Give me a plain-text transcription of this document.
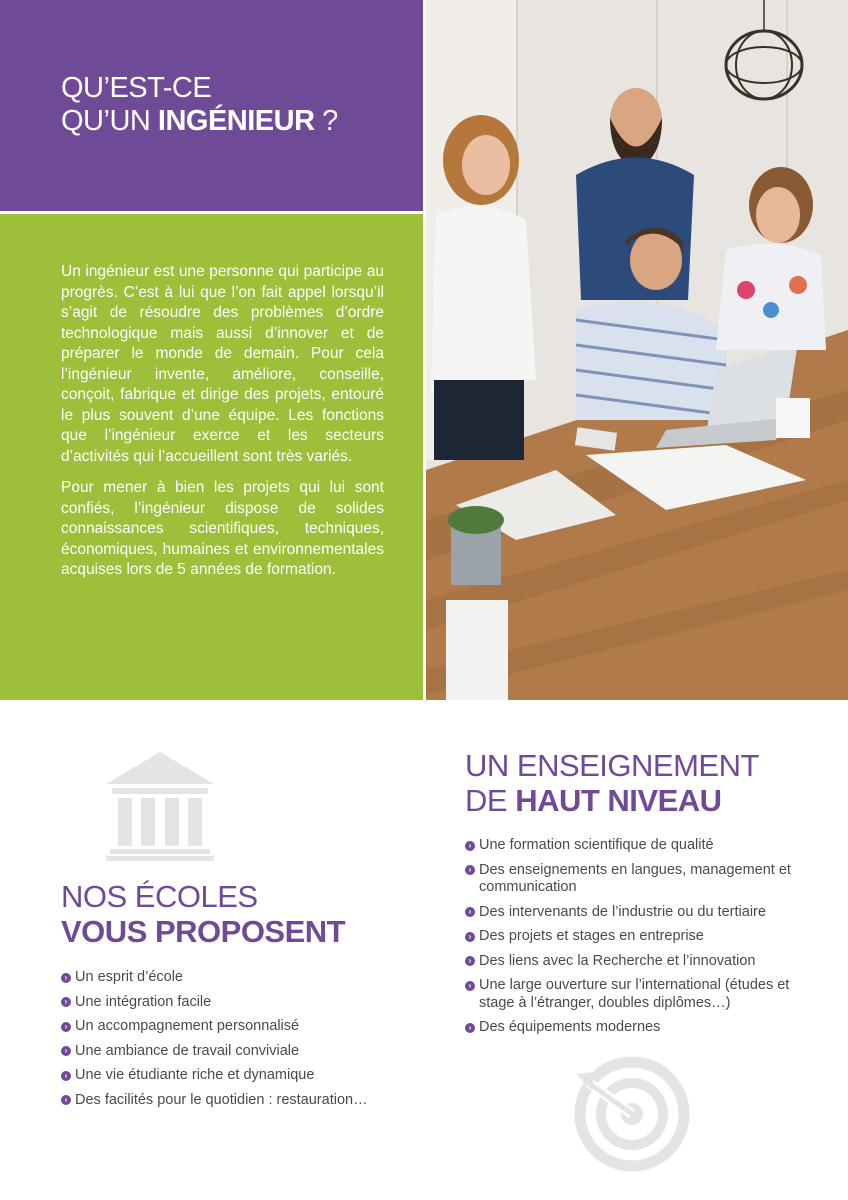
QU’EST-CE
QU’UN INGÉNIEUR ?

Un ingénieur est une personne qui participe au progrès. C’est à lui que l’on fait appel lorsqu’il s’agit de résoudre des problèmes d’ordre technologique mais aussi d’innover et de préparer le monde de demain. Pour cela l’ingénieur invente, améliore, conseille, conçoit, fabrique et dirige des projets, entouré le plus souvent d’une équipe. Les fonctions que l’ingénieur exerce et les secteurs d’activités qui l’accueillent sont très variés.

Pour mener à bien les projets qui lui sont confiés, l’ingénieur dispose de solides connaissances scientifiques, techniques, économiques, humaines et environnementales acquises lors de 5 années de formation.

NOS ÉCOLES
VOUS PROPOSENT
› Un esprit d’école
› Une intégration facile
› Un accompagnement personnalisé
› Une ambiance de travail conviviale
› Une vie étudiante riche et dynamique
› Des facilités pour le quotidien : restauration…
UN ENSEIGNEMENT
DE HAUT NIVEAU
› Une formation scientifique de qualité
› Des enseignements en langues, management et communication
› Des intervenants de l’industrie ou du tertiaire
› Des projets et stages en entreprise
› Des liens avec la Recherche et l’innovation
› Une large ouverture sur l’international (études et stage à l’étranger, doubles diplômes…)
› Des équipements modernes
